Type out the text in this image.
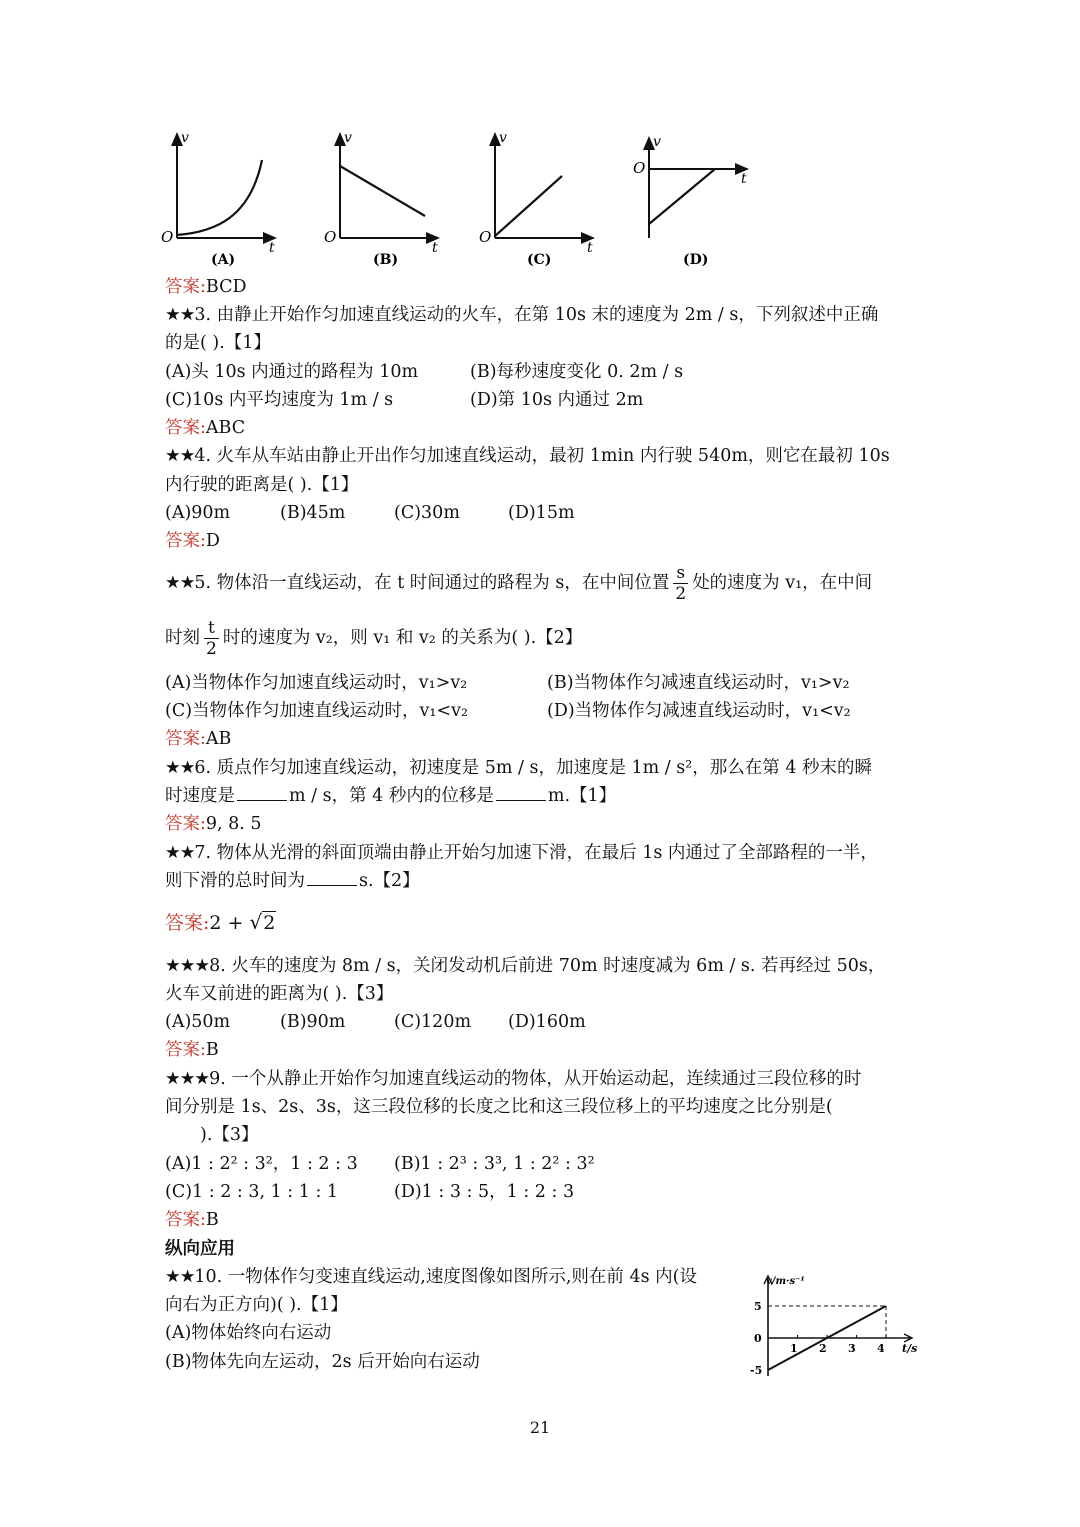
v
t
O
(A)
v
t
O
(B)
v
t
O
(C)
v
t
O
(D)
答案:BCD
★★3. 由静止开始作匀加速直线运动的火车，在第 10s 末的速度为 2m / s，下列叙述中正确
的是( ).【1】
(A)头 10s 内通过的路程为 10m	(B)每秒速度变化 0. 2m / s
(C)10s 内平均速度为 1m / s	(D)第 10s 内通过 2m
答案:ABC
★★4. 火车从车站由静止开出作匀加速直线运动，最初 1min 内行驶 540m，则它在最初 10s
内行驶的距离是( ).【1】
(A)90m	(B)45m	(C)30m	(D)15m
答案:D
★★5. 物体沿一直线运动，在 t 时间通过的路程为 s，在中间位置 $\frac{s}{2}$ 处的速度为 v₁，在中间
时刻 $\frac{t}{2}$ 时的速度为 v₂，则 v₁ 和 v₂ 的关系为( ).【2】
(A)当物体作匀加速直线运动时，v₁>v₂	(B)当物体作匀减速直线运动时，v₁>v₂
(C)当物体作匀加速直线运动时，v₁<v₂	(D)当物体作匀减速直线运动时，v₁<v₂
答案:AB
★★6. 质点作匀加速直线运动，初速度是 5m / s，加速度是 1m / s²，那么在第 4 秒末的瞬
时速度是	m / s，第 4 秒内的位移是	m.【1】
答案:9, 8. 5
★★7. 物体从光滑的斜面顶端由静止开始匀加速下滑，在最后 1s 内通过了全部路程的一半，
则下滑的总时间为	s.【2】
答案:2 + √2
★★★8. 火车的速度为 8m / s，关闭发动机后前进 70m 时速度减为 6m / s. 若再经过 50s，
火车又前进的距离为( ).【3】
(A)50m	(B)90m	(C)120m (D)160m
答案:B
★★★9. 一个从静止开始作匀加速直线运动的物体，从开始运动起，连续通过三段位移的时
间分别是 1s、2s、3s，这三段位移的长度之比和这三段位移上的平均速度之比分别是(
).【3】
(A)1 : 2² : 3²，1 : 2 : 3 (B)1 : 2³ : 3³, 1 : 2² : 3²
(C)1 : 2 : 3, 1 : 1 : 1	(D)1 : 3 : 5，1 : 2 : 3
答案:B
纵向应用
★★10. 一物体作匀变速直线运动,速度图像如图所示,则在前 4s 内(设
向右为正方向)( ).【1】
(A)物体始终向右运动
(B)物体先向左运动，2s 后开始向右运动
v/m·s⁻¹
t/s
5
0
-5
1 2 3 4
21
